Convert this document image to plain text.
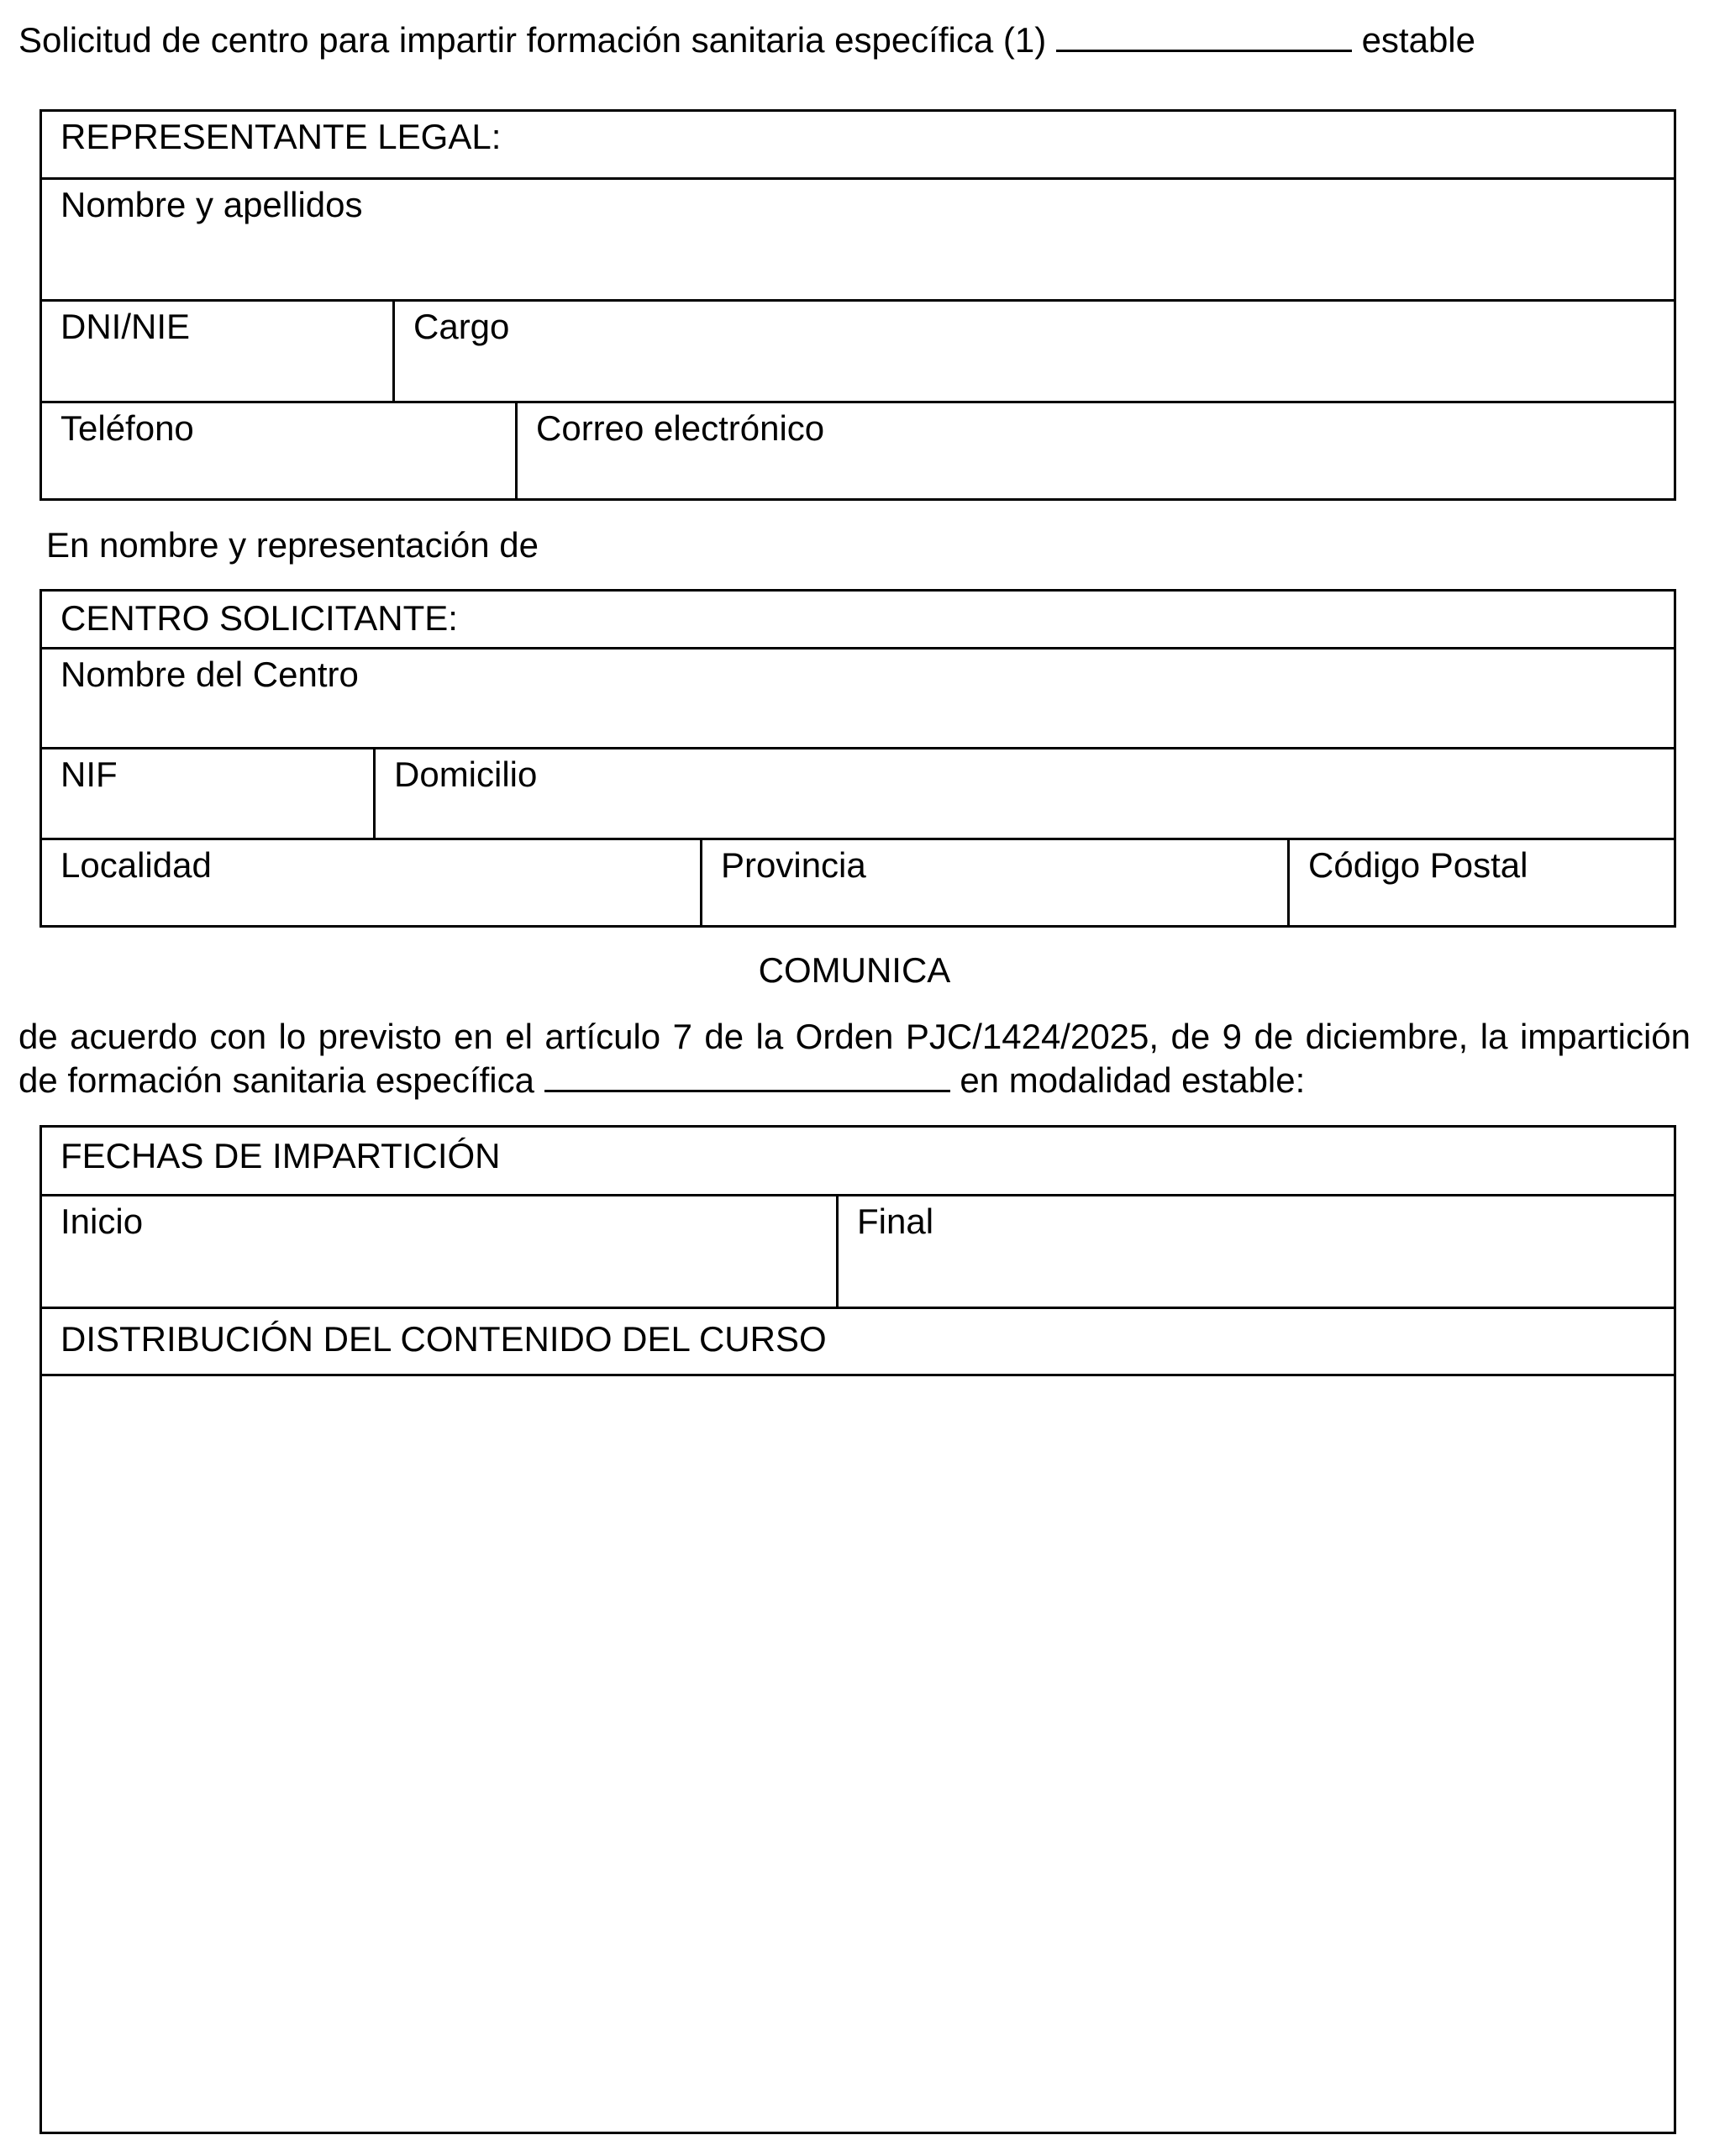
Solicitud de centro para impartir formación sanitaria específica (1)	estable
REPRESENTANTE LEGAL:
Nombre y apellidos
DNI/NIE	Cargo
Teléfono	Correo electrónico
En nombre y representación de
CENTRO SOLICITANTE:
Nombre del Centro
NIF	Domicilio
Localidad	Provincia	Código Postal
COMUNICA
de acuerdo con lo previsto en el artículo 7 de la Orden PJC/1424/2025, de 9 de diciembre, la impartición de formación sanitaria específica	en modalidad estable:
FECHAS DE IMPARTICIÓN
Inicio	Final
DISTRIBUCIÓN DEL CONTENIDO DEL CURSO
